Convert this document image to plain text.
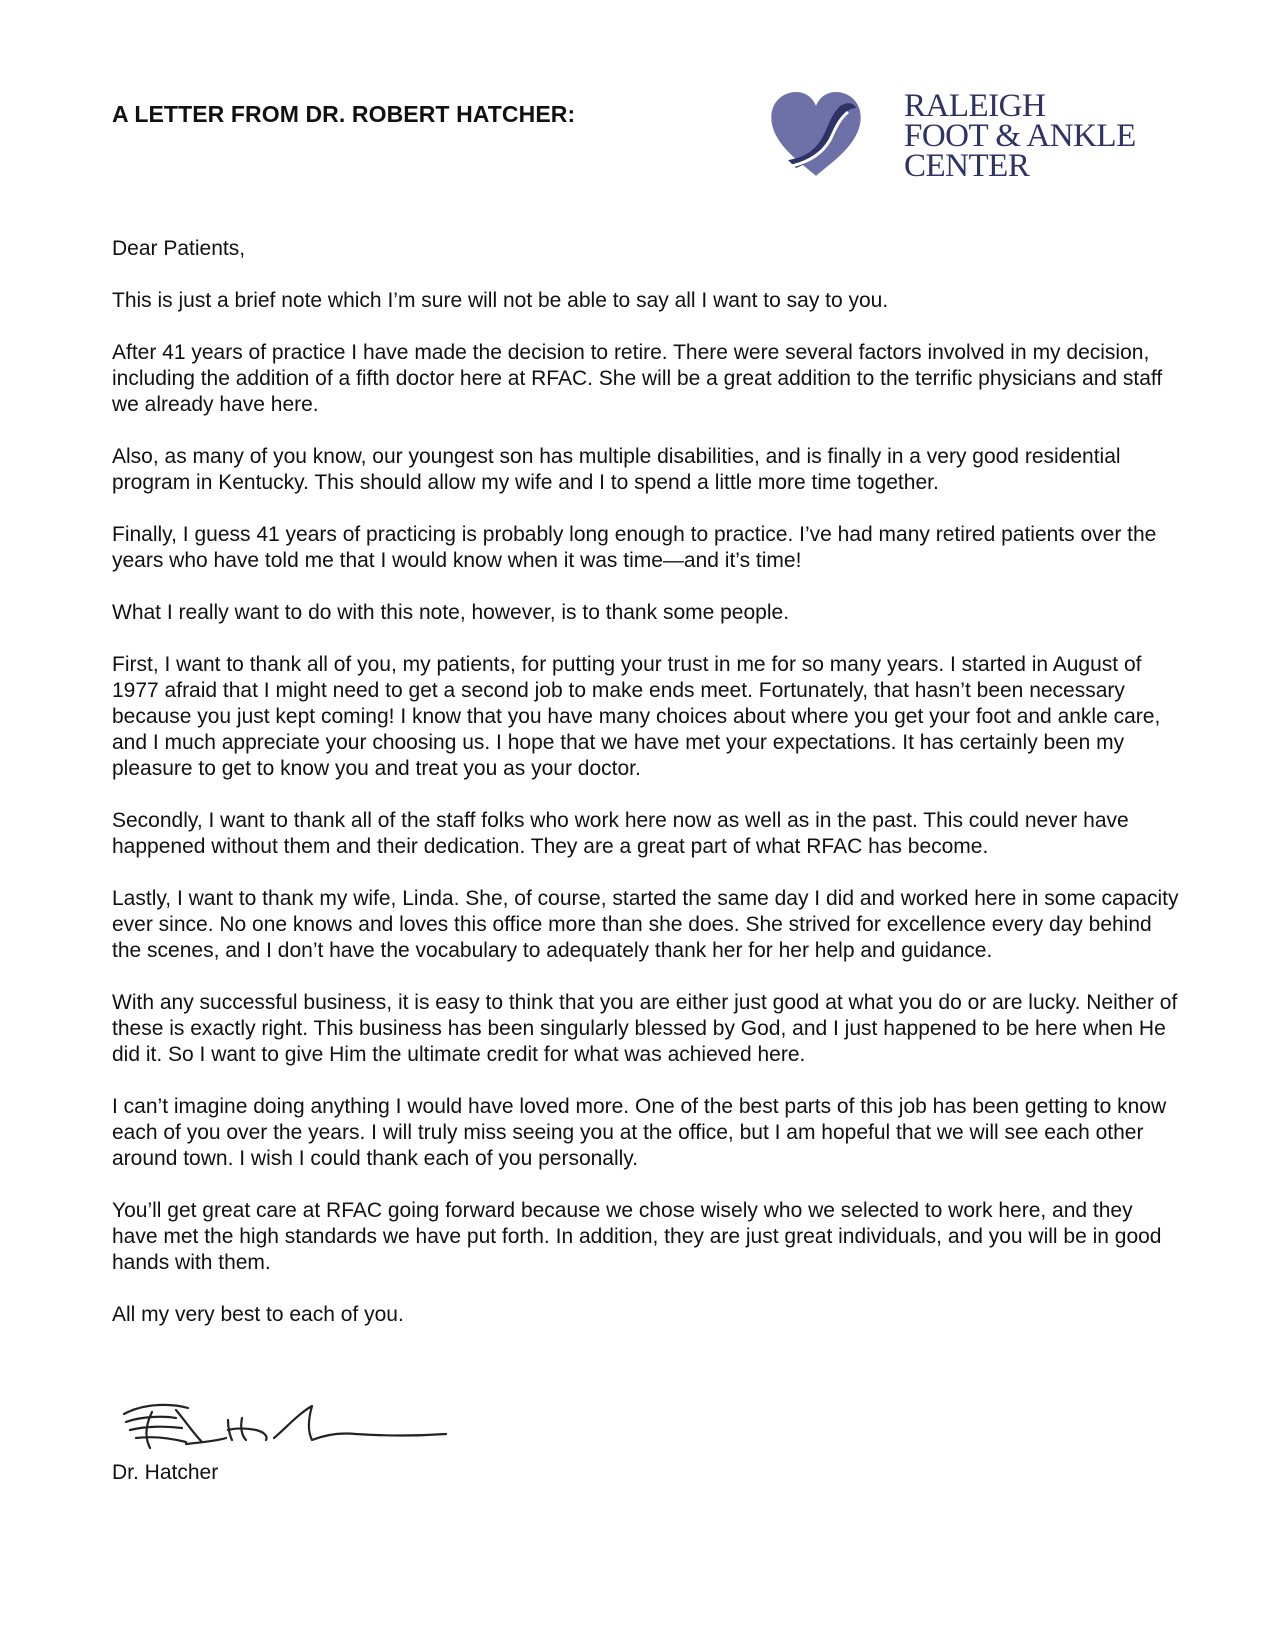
A LETTER FROM DR. ROBERT HATCHER:	RALEIGH
FOOT & ANKLE
CENTER

Dear Patients,

This is just a brief note which I’m sure will not be able to say all I want to say to you.

After 41 years of practice I have made the decision to retire. There were several factors involved in my decision, including the addition of a fifth doctor here at RFAC. She will be a great addition to the terrific physicians and staff we already have here.

Also, as many of you know, our youngest son has multiple disabilities, and is finally in a very good residential program in Kentucky. This should allow my wife and I to spend a little more time together.

Finally, I guess 41 years of practicing is probably long enough to practice. I’ve had many retired patients over the years who have told me that I would know when it was time—and it’s time!

What I really want to do with this note, however, is to thank some people.

First, I want to thank all of you, my patients, for putting your trust in me for so many years. I started in August of 1977 afraid that I might need to get a second job to make ends meet. Fortunately, that hasn’t been necessary because you just kept coming! I know that you have many choices about where you get your foot and ankle care, and I much appreciate your choosing us. I hope that we have met your expectations. It has certainly been my pleasure to get to know you and treat you as your doctor.

Secondly, I want to thank all of the staff folks who work here now as well as in the past. This could never have happened without them and their dedication. They are a great part of what RFAC has become.

Lastly, I want to thank my wife, Linda. She, of course, started the same day I did and worked here in some capacity ever since. No one knows and loves this office more than she does. She strived for excellence every day behind the scenes, and I don’t have the vocabulary to adequately thank her for her help and guidance.

With any successful business, it is easy to think that you are either just good at what you do or are lucky. Neither of these is exactly right. This business has been singularly blessed by God, and I just happened to be here when He did it. So I want to give Him the ultimate credit for what was achieved here.

I can’t imagine doing anything I would have loved more. One of the best parts of this job has been getting to know each of you over the years. I will truly miss seeing you at the office, but I am hopeful that we will see each other around town. I wish I could thank each of you personally.

You’ll get great care at RFAC going forward because we chose wisely who we selected to work here, and they have met the high standards we have put forth. In addition, they are just great individuals, and you will be in good hands with them.

All my very best to each of you.

Dr. Hatcher
